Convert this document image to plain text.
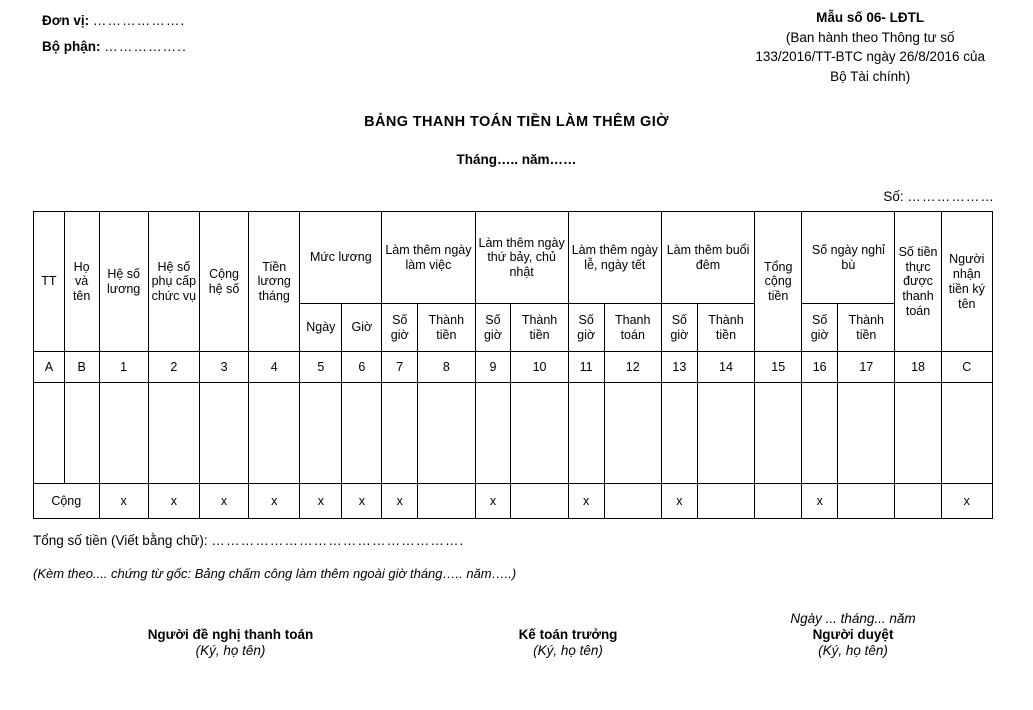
Đơn vị: ……………….
Bộ phận: ……………..
Mẫu số 06- LĐTL
(Ban hành theo Thông tư số
133/2016/TT-BTC ngày 26/8/2016 của
Bộ Tài chính)
BẢNG THANH TOÁN TIỀN LÀM THÊM GIỜ
Tháng….. năm……
Số: ………………
TT	Họ và tên	Hệ số lương	Hệ số phụ cấp chức vụ	Cộng hệ số	Tiền lương tháng	Mức lương		Làm thêm ngày làm việc		Làm thêm ngày thứ bảy, chủ nhật		Làm thêm ngày lễ, ngày tết		Làm thêm buổi đêm		Tổng cộng tiền	Số ngày nghỉ bù		Số tiền thực được thanh toán	Người nhận tiền ký tên
						Ngày	Giờ	Số giờ	Thành tiền	Số giờ	Thành tiền	Số giờ	Thanh toán	Số giờ	Thành tiền		Số giờ	Thành tiền		
A	B	1	2	3	4	5	6	7	8	9	10	11	12	13	14	15	16	17	18	C

Cộng		x	x	x	x	x	x	x		x		x		x			x			x
Tổng số tiền (Viết bằng chữ): …………………………………………….
(Kèm theo.... chứng từ gốc: Bảng chấm công làm thêm ngoài giờ tháng….. năm…..)
Người đề nghị thanh toán
(Ký, họ tên)
Kế toán trưởng
(Ký, họ tên)
Ngày ... tháng... năm
Người duyệt
(Ký, họ tên)
